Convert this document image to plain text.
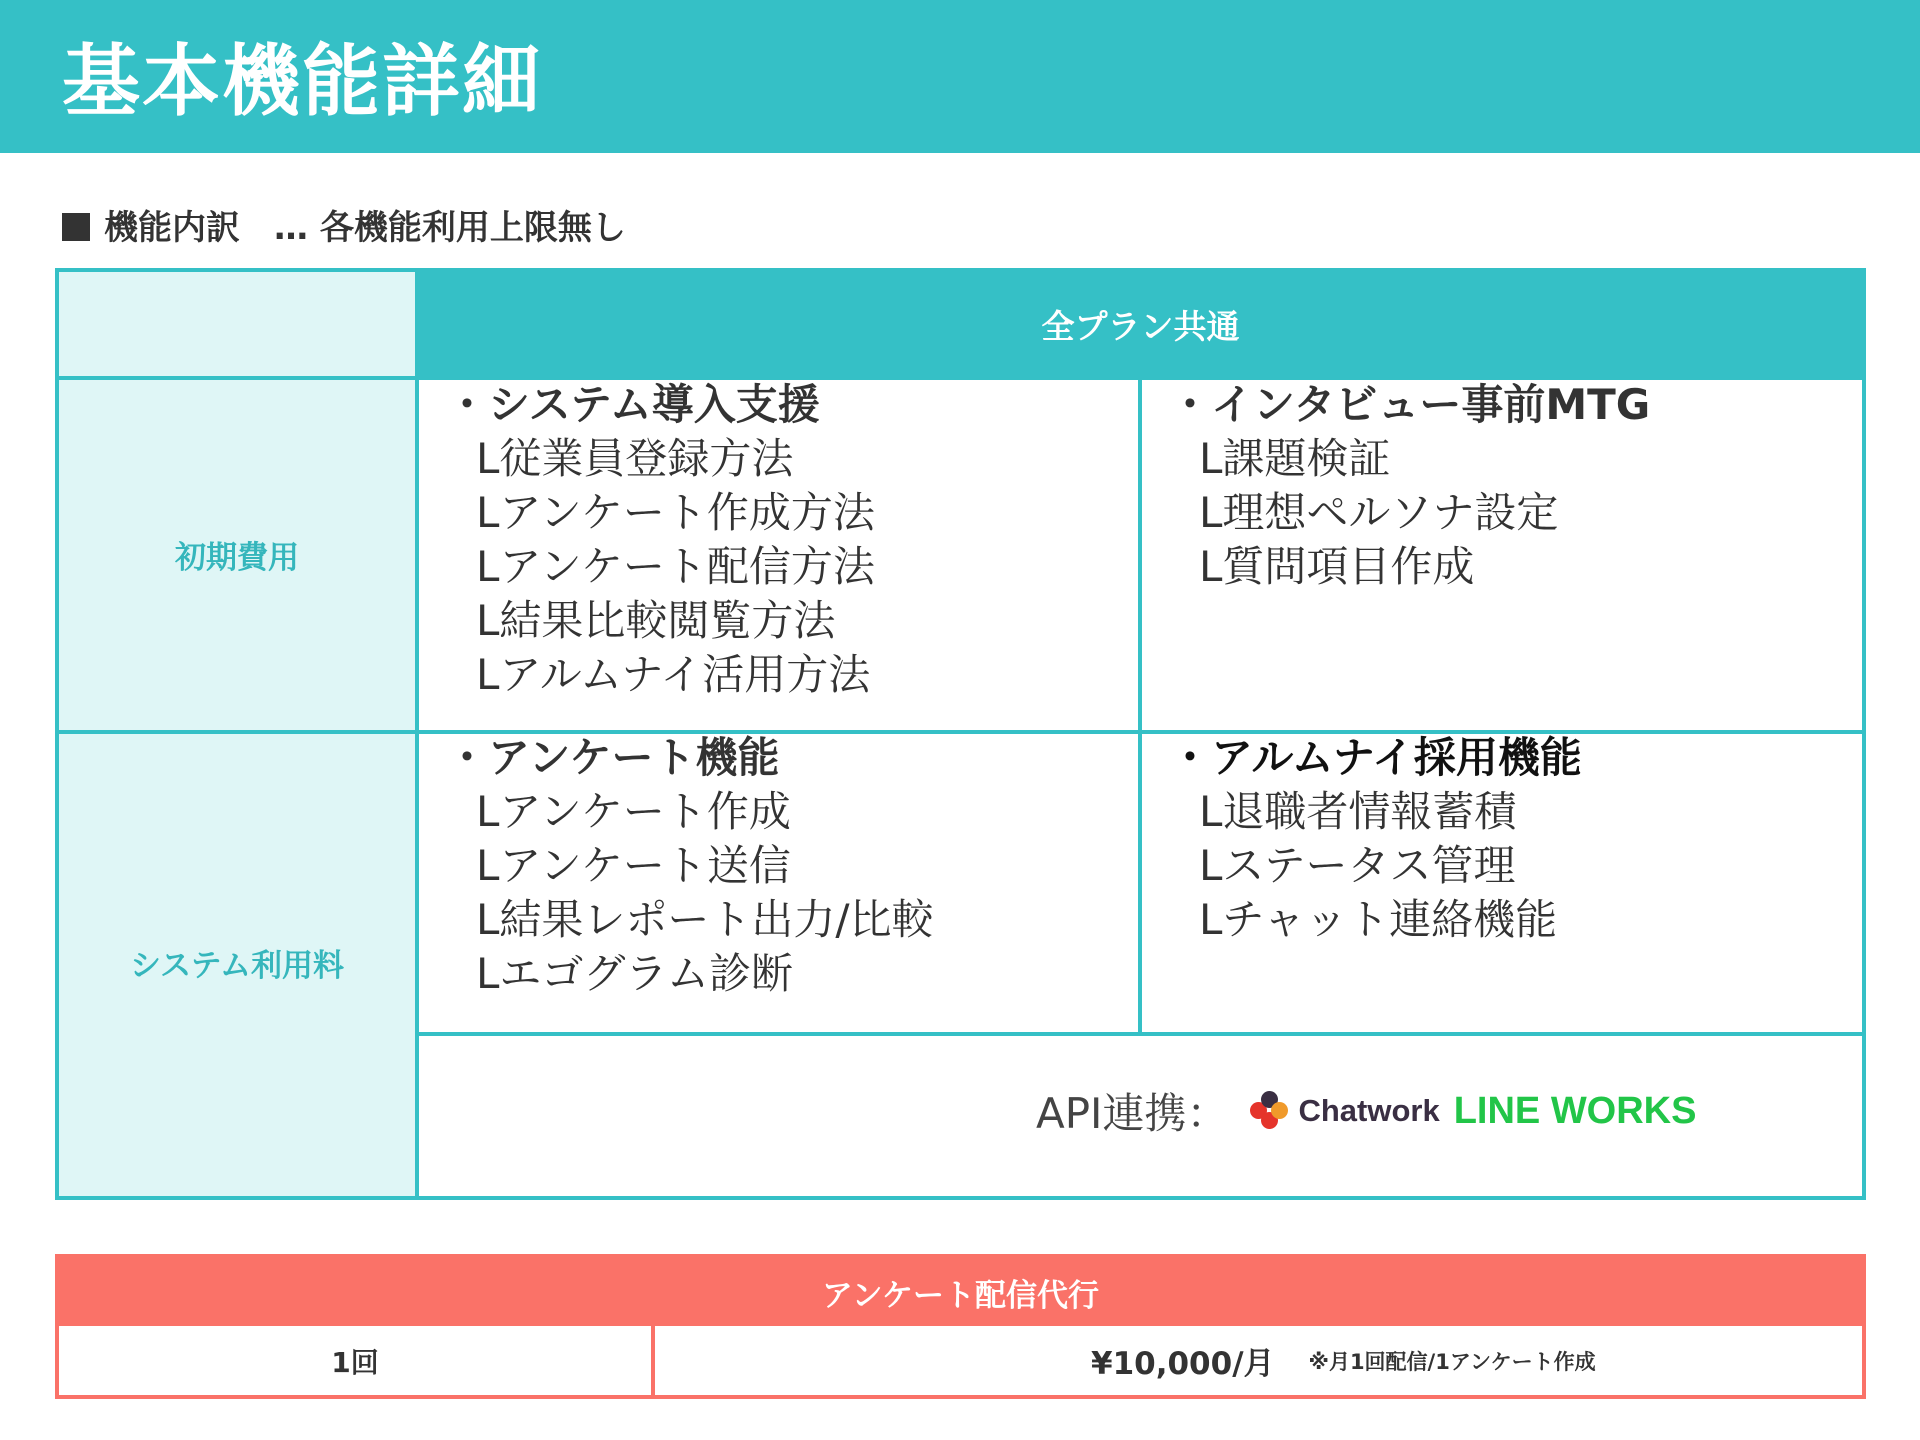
基本機能詳細
機能内訳　… 各機能利用上限無し
初期費用
システム利用料
全プラン共通
・システム導入支援
L従業員登録方法
Lアンケート作成方法
Lアンケート配信方法
L結果比較閲覧方法
Lアルムナイ活用方法
・インタビュー事前MTG
L課題検証
L理想ペルソナ設定
L質問項目作成
・アンケート機能
Lアンケート作成
Lアンケート送信
L結果レポート出力/比較
Lエゴグラム診断
・アルムナイ採用機能
L退職者情報蓄積
Lステータス管理
Lチャット連絡機能
API連携： Chatwork LINE WORKS
アンケート配信代行
1回	¥10,000/月 ※月1回配信/1アンケート作成
